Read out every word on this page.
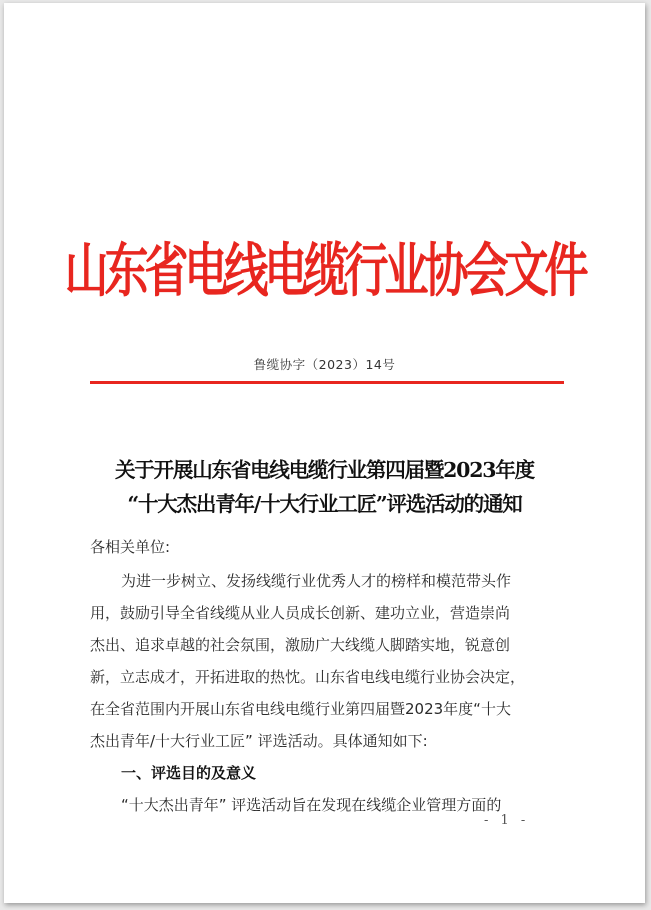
山东省电线电缆行业协会文件
鲁缆协字（2023）14号
关于开展山东省电线电缆行业第四届暨2023年度
“十大杰出青年/十大行业工匠”评选活动的通知
各相关单位:
为进一步树立、发扬线缆行业优秀人才的榜样和模范带头作
用，鼓励引导全省线缆从业人员成长创新、建功立业，营造崇尚
杰出、追求卓越的社会氛围，激励广大线缆人脚踏实地，锐意创
新，立志成才，开拓进取的热忱。山东省电线电缆行业协会决定，
在全省范围内开展山东省电线电缆行业第四届暨2023年度“十大
杰出青年/十大行业工匠” 评选活动。具体通知如下:
一、评选目的及意义
“十大杰出青年” 评选活动旨在发现在线缆企业管理方面的
- 1 -
